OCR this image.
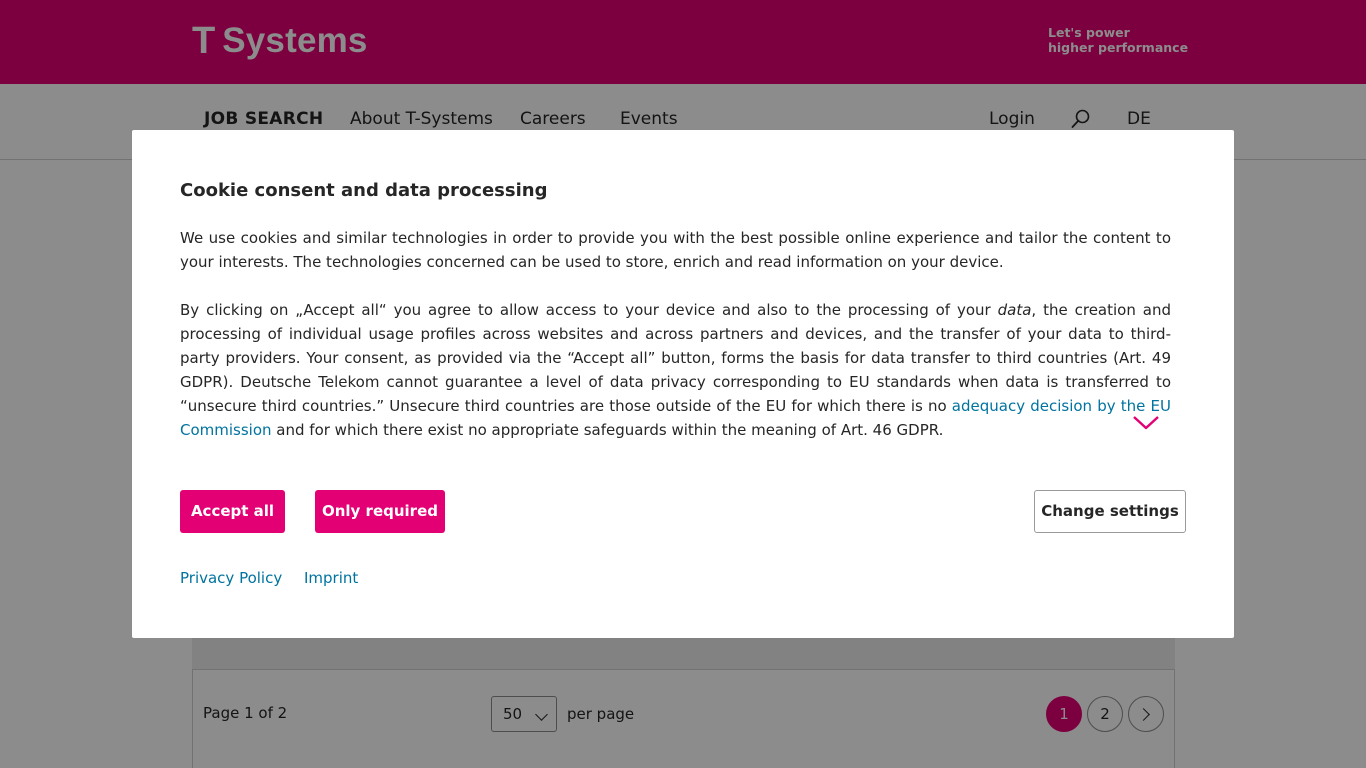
T Systems	Let's power
higher performance
JOB SEARCH About T-Systems Careers Events	Login	DE
Page 1 of 2	50	per page	1	2
Cookie consent and data processing

We use cookies and similar technologies in order to provide you with the best possible online experience and tailor the content to your interests. The technologies concerned can be used to store, enrich and read information on your device.

By clicking on „Accept all“ you agree to allow access to your device and also to the processing of your data, the creation and processing of individual usage profiles across websites and across partners and devices, and the transfer of your data to third-party providers. Your consent, as provided via the “Accept all” button, forms the basis for data transfer to third countries (Art. 49 GDPR). Deutsche Telekom cannot guarantee a level of data privacy corresponding to EU standards when data is transferred to “unsecure third countries.” Unsecure third countries are those outside of the EU for which there is no adequacy decision by the EU Commission and for which there exist no appropriate safeguards within the meaning of Art. 46 GDPR.

Accept all	Only required	Change settings
Privacy Policy Imprint
